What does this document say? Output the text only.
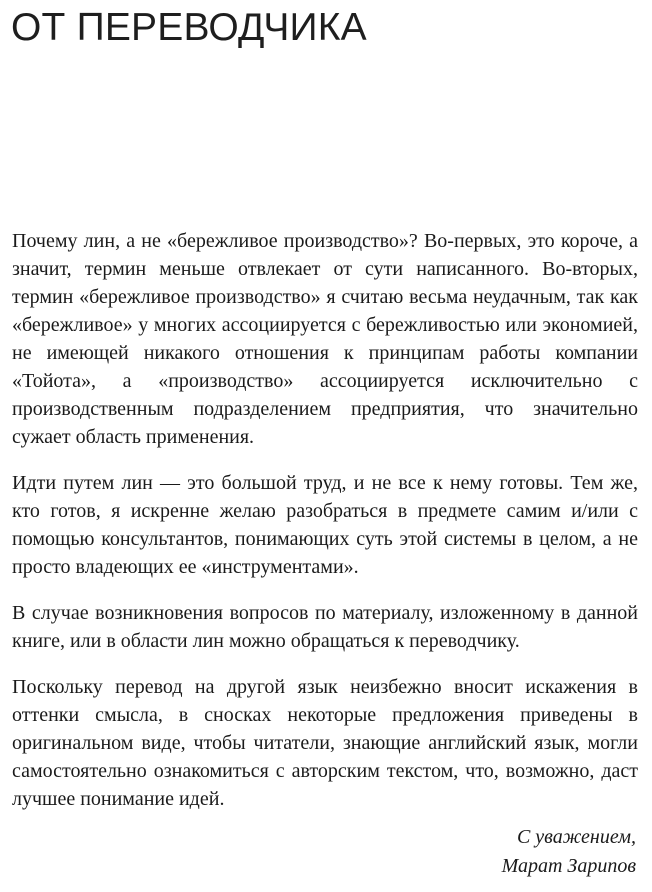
ОТ ПЕРЕВОДЧИКА

Почему лин, а не «бережливое производство»? Во-первых, это короче, а значит, термин меньше отвлекает от сути написанного. Во-вторых, термин «бережливое производство» я считаю весьма неудачным, так как «бережливое» у многих ассоциируется с бережливостью или экономией, не имеющей никакого отношения к принципам работы компании «Тойота», а «производство» ассоциируется исключительно с производственным подразделением предприятия, что значительно сужает область применения.

Идти путем лин — это большой труд, и не все к нему готовы. Тем же, кто готов, я искренне желаю разобраться в предмете самим и/или с помощью консультантов, понимающих суть этой системы в целом, а не просто владеющих ее «инструментами».

В случае возникновения вопросов по материалу, изложенному в данной книге, или в области лин можно обращаться к переводчику.

Поскольку перевод на другой язык неизбежно вносит искажения в оттенки смысла, в сносках некоторые предложения приведены в оригинальном виде, чтобы читатели, знающие английский язык, могли самостоятельно ознакомиться с авторским текстом, что, возможно, даст лучшее понимание идей.

С уважением,
Марат Зарипов
